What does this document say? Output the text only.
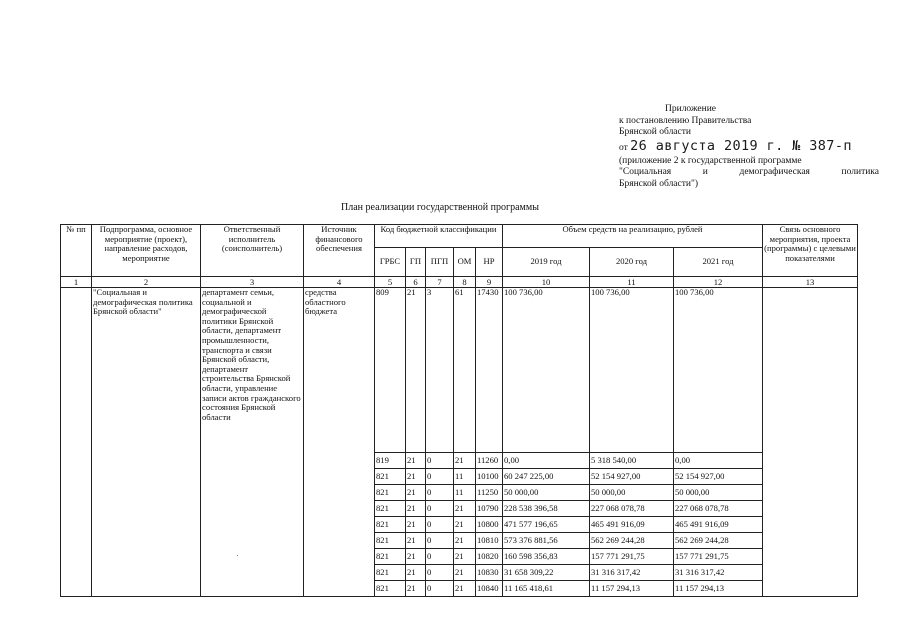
Приложение
к постановлению Правительства
Брянской области
от 26 августа 2019 г. № 387-п
(приложение 2 к государственной программе
"Социальная и демографическая политика
Брянской области")
План реализации государственной программы
№ пп	Подпрограмма, основное мероприятие (проект), направление расходов, мероприятие	Ответственный исполнитель (соисполнитель)	Источник финансового обеспечения	Код бюджетной классификации					Объем средств на реализацию, рублей			Связь основного мероприятия, проекта (программы) с целевыми показателями
				ГРБС	ГП	ПГП	ОМ	НР	2019 год	2020 год	2021 год	
1	2	3	4	5	6	7	8	9	10	11	12	13
	"Социальная и демографическая политика Брянской области"	департамент семьи, социальной и демографической политики Брянской области, департамент промышленности, транспорта и связи Брянской области, департамент строительства Брянской области, управление записи актов гражданского состояния Брянской области	средства областного бюджета	809	21	3	61	17430	100 736,00	100 736,00	100 736,00	
				819	21	0	21	11260	0,00	5 318 540,00	0,00	
				821	21	0	11	10100	60 247 225,00	52 154 927,00	52 154 927,00	
				821	21	0	11	11250	50 000,00	50 000,00	50 000,00	
				821	21	0	21	10790	228 538 396,58	227 068 078,78	227 068 078,78	
				821	21	0	21	10800	471 577 196,65	465 491 916,09	465 491 916,09	
				821	21	0	21	10810	573 376 881,56	562 269 244,28	562 269 244,28	
				821	21	0	21	10820	160 598 356,83	157 771 291,75	157 771 291,75	
				821	21	0	21	10830	31 658 309,22	31 316 317,42	31 316 317,42	
				821	21	0	21	10840	11 165 418,61	11 157 294,13	11 157 294,13	
